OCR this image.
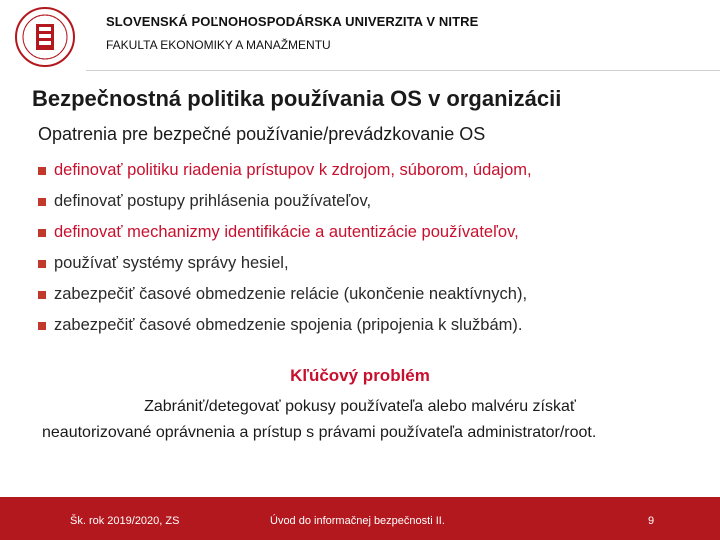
SLOVENSKÁ POĽNOHOSPODÁRSKA UNIVERZITA V NITRE
FAKULTA EKONOMIKY A MANAŽMENTU
Bezpečnostná politika používania OS v organizácii
Opatrenia pre bezpečné používanie/prevádzkovanie OS
definovať politiku riadenia prístupov k zdrojom, súborom, údajom,
definovať postupy prihlásenia používateľov,
definovať mechanizmy identifikácie a autentizácie používateľov,
používať systémy správy hesiel,
zabezpečiť časové obmedzenie relácie (ukončenie neaktívnych),
zabezpečiť časové obmedzenie spojenia (pripojenia k službám).
Kľúčový problém
Zabrániť/detegovať pokusy používateľa alebo malvéru získať
neautorizované oprávnenia a prístup s právami používateľa administrator/root.
Šk. rok 2019/2020, ZS	Úvod do informačnej bezpečnosti II.	9
